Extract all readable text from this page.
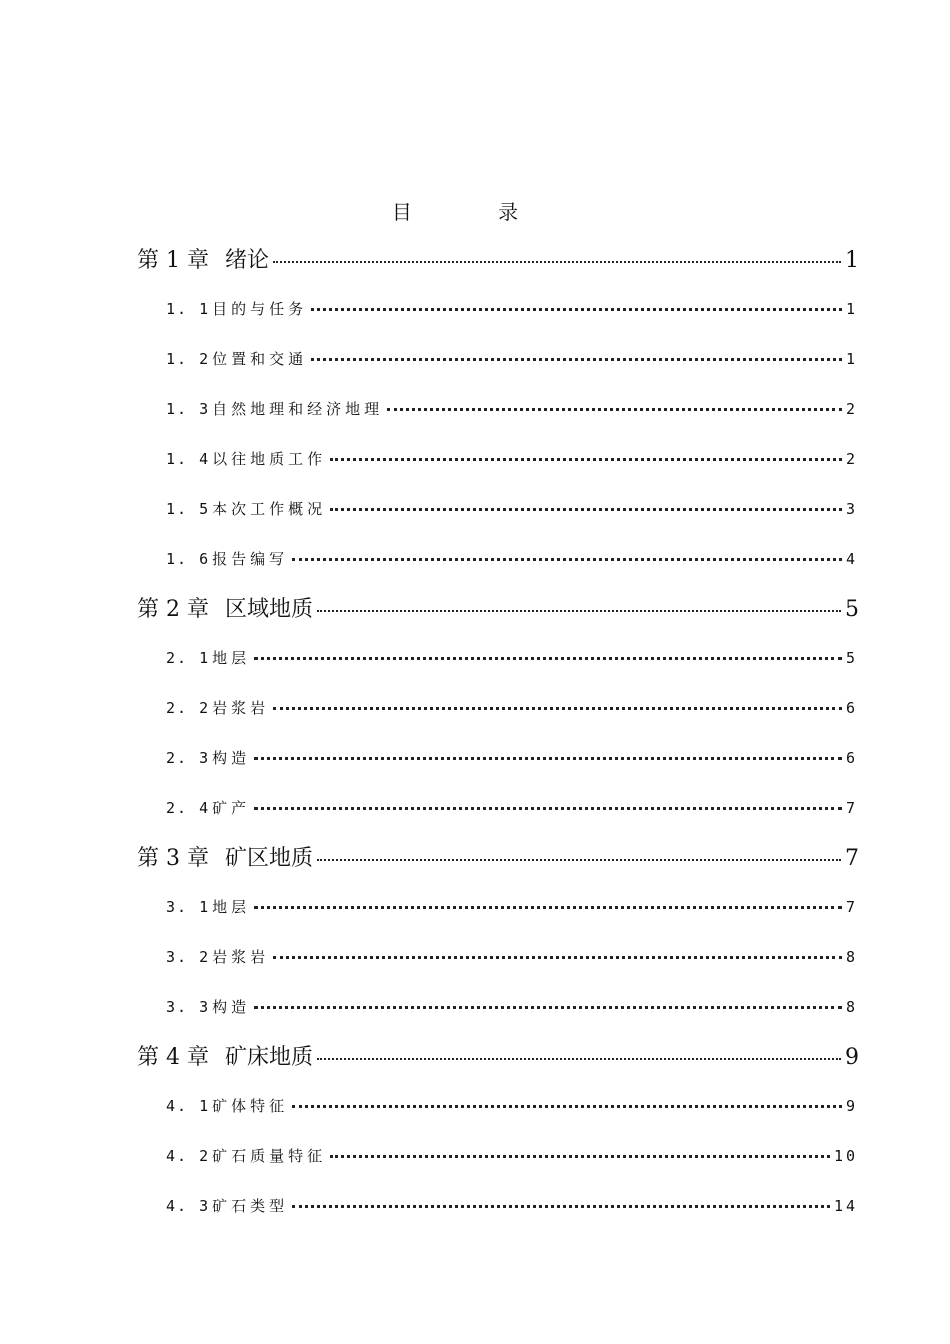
目 录
第 1 章 绪论	1
1. 1 目的与任务	1
1. 2 位置和交通	1
1. 3 自然地理和经济地理	2
1. 4 以往地质工作	2
1. 5 本次工作概况	3
1. 6 报告编写	4
第 2 章 区域地质	5
2. 1 地层	5
2. 2 岩浆岩	6
2. 3 构造	6
2. 4 矿产	7
第 3 章 矿区地质	7
3. 1 地层	7
3. 2 岩浆岩	8
3. 3 构造	8
第 4 章 矿床地质	9
4. 1 矿体特征	9
4. 2 矿石质量特征	10
4. 3 矿石类型	14
